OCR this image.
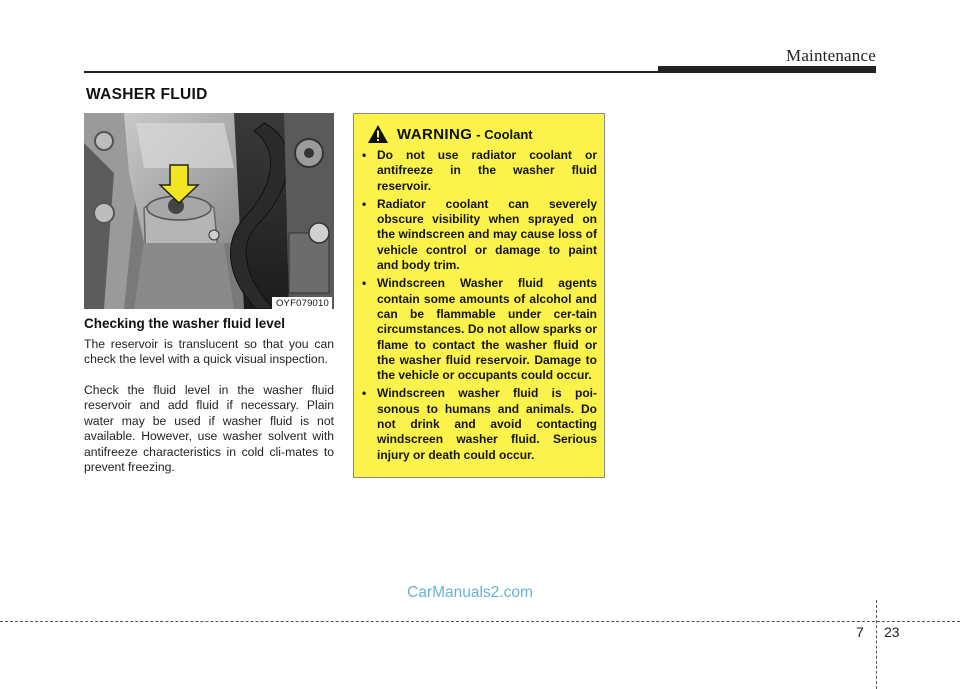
Maintenance
WASHER FLUID
OYF079010
Checking the washer fluid level

The reservoir is translucent so that you can check the level with a quick visual inspection.

Check the fluid level in the washer fluid reservoir and add fluid if necessary. Plain water may be used if washer fluid is not available. However, use washer solvent with antifreeze characteristics in cold cli-mates to prevent freezing.

WARNING - Coolant
• Do not use radiator coolant or antifreeze in the washer fluid reservoir.
• Radiator coolant can severely obscure visibility when sprayed on the windscreen and may cause loss of vehicle control or damage to paint and body trim.
• Windscreen Washer fluid agents contain some amounts of alcohol and can be flammable under cer-tain circumstances. Do not allow sparks or flame to contact the washer fluid or the washer fluid reservoir. Damage to the vehicle or occupants could occur.
• Windscreen washer fluid is poi-sonous to humans and animals. Do not drink and avoid contacting windscreen washer fluid. Serious injury or death could occur.
CarManuals2.com
7 23
